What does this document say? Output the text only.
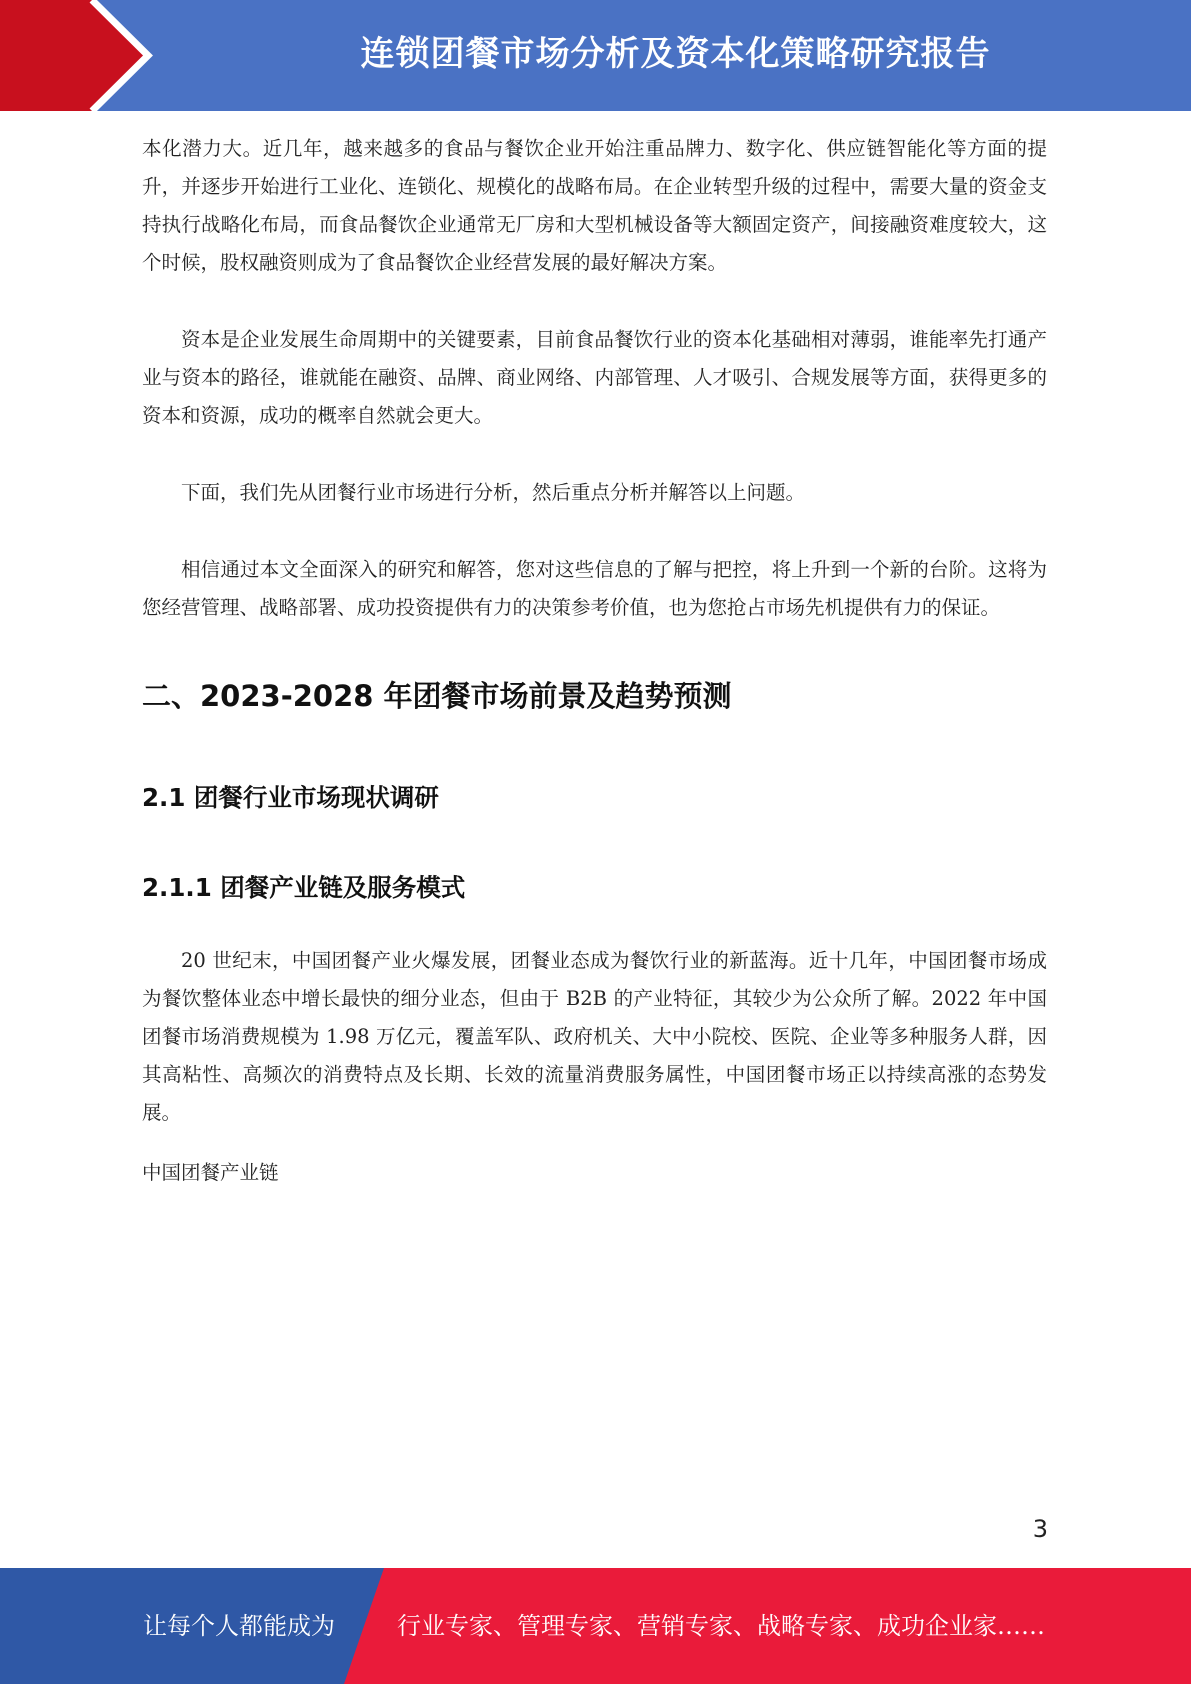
连锁团餐市场分析及资本化策略研究报告

本化潜力大。近几年，越来越多的食品与餐饮企业开始注重品牌力、数字化、供应链智能化等方面的提升，并逐步开始进行工业化、连锁化、规模化的战略布局。在企业转型升级的过程中，需要大量的资金支持执行战略化布局，而食品餐饮企业通常无厂房和大型机械设备等大额固定资产，间接融资难度较大，这个时候，股权融资则成为了食品餐饮企业经营发展的最好解决方案。

资本是企业发展生命周期中的关键要素，目前食品餐饮行业的资本化基础相对薄弱，谁能率先打通产业与资本的路径，谁就能在融资、品牌、商业网络、内部管理、人才吸引、合规发展等方面，获得更多的资本和资源，成功的概率自然就会更大。

下面，我们先从团餐行业市场进行分析，然后重点分析并解答以上问题。

相信通过本文全面深入的研究和解答，您对这些信息的了解与把控，将上升到一个新的台阶。这将为您经营管理、战略部署、成功投资提供有力的决策参考价值，也为您抢占市场先机提供有力的保证。

二、2023-2028 年团餐市场前景及趋势预测
2.1 团餐行业市场现状调研
2.1.1 团餐产业链及服务模式

20 世纪末，中国团餐产业火爆发展，团餐业态成为餐饮行业的新蓝海。近十几年，中国团餐市场成为餐饮整体业态中增长最快的细分业态，但由于 B2B 的产业特征，其较少为公众所了解。2022 年中国团餐市场消费规模为 1.98 万亿元，覆盖军队、政府机关、大中小院校、医院、企业等多种服务人群，因其高粘性、高频次的消费特点及长期、长效的流量消费服务属性，中国团餐市场正以持续高涨的态势发展。

中国团餐产业链

3
让每个人都能成为	行业专家、管理专家、营销专家、战略专家、成功企业家……
